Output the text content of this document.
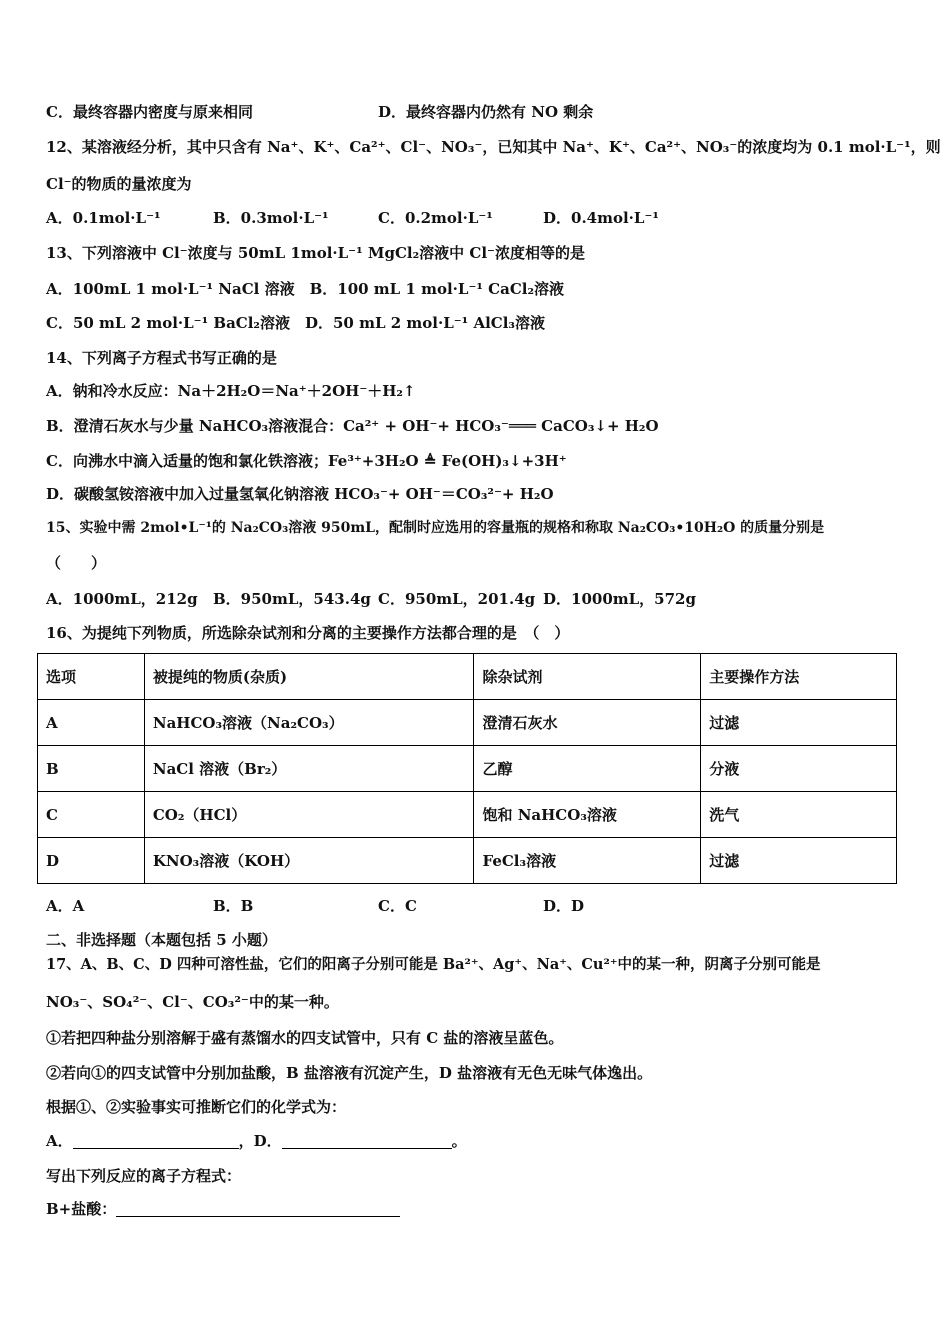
C．最终容器内密度与原来相同	D．最终容器内仍然有 NO 剩余
12、某溶液经分析，其中只含有 Na⁺、K⁺、Ca²⁺、Cl⁻、NO₃⁻，已知其中 Na⁺、K⁺、Ca²⁺、NO₃⁻的浓度均为 0.1 mol·L⁻¹，则
Cl⁻的物质的量浓度为
A．0.1mol·L⁻¹	B．0.3mol·L⁻¹	C．0.2mol·L⁻¹	D．0.4mol·L⁻¹
13、下列溶液中 Cl⁻浓度与 50mL 1mol·L⁻¹ MgCl₂溶液中 Cl⁻浓度相等的是
A．100mL 1 mol·L⁻¹ NaCl 溶液　B．100 mL 1 mol·L⁻¹ CaCl₂溶液
C．50 mL 2 mol·L⁻¹ BaCl₂溶液　D．50 mL 2 mol·L⁻¹ AlCl₃溶液
14、下列离子方程式书写正确的是
A．钠和冷水反应：Na＋2H₂O＝Na⁺＋2OH⁻＋H₂↑
B．澄清石灰水与少量 NaHCO₃溶液混合：Ca²⁺ + OH⁻+ HCO₃⁻═══ CaCO₃↓+ H₂O
C．向沸水中滴入适量的饱和氯化铁溶液；Fe³⁺+3H₂O ≜ Fe(OH)₃↓+3H⁺
D．碳酸氢铵溶液中加入过量氢氧化钠溶液 HCO₃⁻+ OH⁻＝CO₃²⁻+ H₂O
15、实验中需 2mol•L⁻¹的 Na₂CO₃溶液 950mL，配制时应选用的容量瓶的规格和称取 Na₂CO₃•10H₂O 的质量分别是
（　　）
A．1000mL，212g B．950mL，543.4g C．950mL，201.4g D．1000mL，572g
16、为提纯下列物质，所选除杂试剂和分离的主要操作方法都合理的是　（　）
选项	被提纯的物质(杂质)	除杂试剂	主要操作方法
A	NaHCO₃溶液（Na₂CO₃）	澄清石灰水	过滤
B	NaCl 溶液（Br₂）	乙醇	分液
C	CO₂（HCl）	饱和 NaHCO₃溶液	洗气
D	KNO₃溶液（KOH）	FeCl₃溶液	过滤
A．A	B．B	C．C	D．D
二、非选择题（本题包括 5 小题）
17、A、B、C、D 四种可溶性盐，它们的阳离子分别可能是 Ba²⁺、Ag⁺、Na⁺、Cu²⁺中的某一种，阴离子分别可能是
NO₃⁻、SO₄²⁻、Cl⁻、CO₃²⁻中的某一种。
①若把四种盐分别溶解于盛有蒸馏水的四支试管中，只有 C 盐的溶液呈蓝色。
②若向①的四支试管中分别加盐酸，B 盐溶液有沉淀产生，D 盐溶液有无色无味气体逸出。
根据①、②实验事实可推断它们的化学式为：
A．	，D．	。
写出下列反应的离子方程式：
B+盐酸：
